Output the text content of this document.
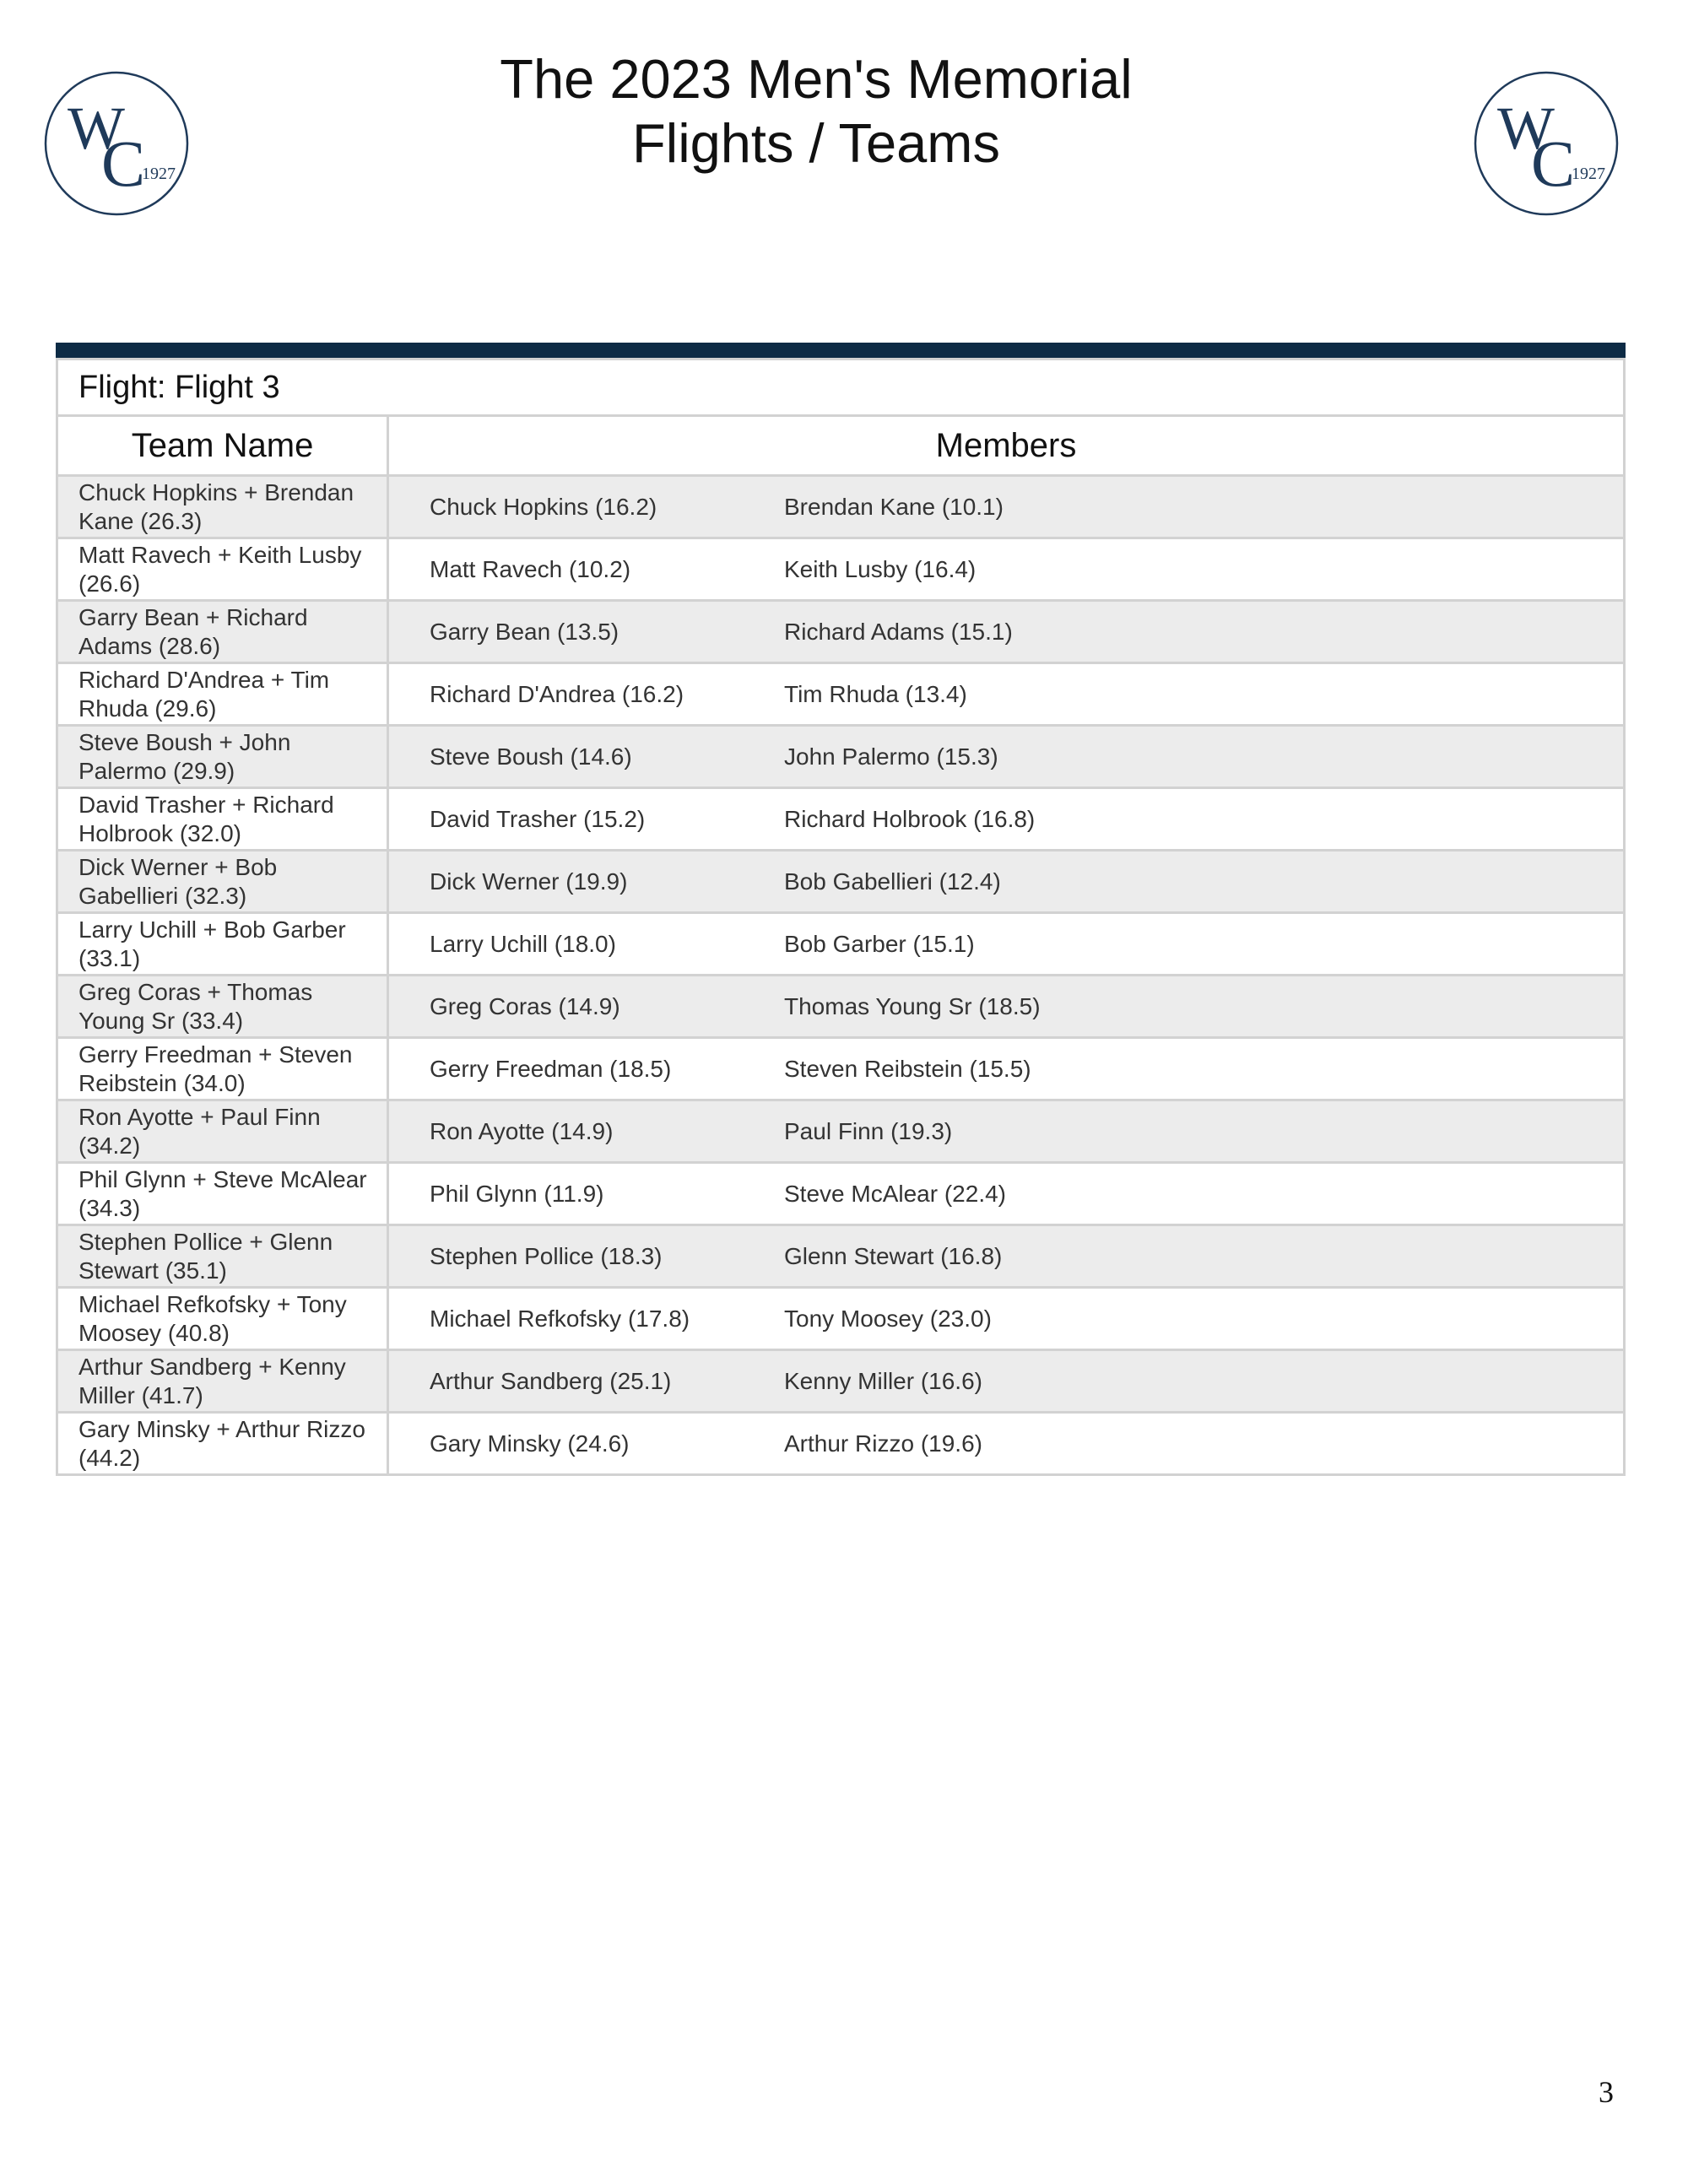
W
C
1927
W
C
1927
The 2023 Men's Memorial
Flights / Teams
Flight: Flight 3	
Team Name	Members
Chuck Hopkins + Brendan Kane (26.3)	Chuck Hopkins (16.2) Brendan Kane (10.1)

Matt Ravech + Keith Lusby (26.6)	Matt Ravech (10.2) Keith Lusby (16.4)

Garry Bean + Richard Adams (28.6)	Garry Bean (13.5) Richard Adams (15.1)

Richard D'Andrea + Tim Rhuda (29.6)	Richard D'Andrea (16.2) Tim Rhuda (13.4)

Steve Boush + John Palermo (29.9)	Steve Boush (14.6) John Palermo (15.3)

David Trasher + Richard Holbrook (32.0)	David Trasher (15.2) Richard Holbrook (16.8)

Dick Werner + Bob Gabellieri (32.3)	Dick Werner (19.9) Bob Gabellieri (12.4)

Larry Uchill + Bob Garber (33.1)	Larry Uchill (18.0) Bob Garber (15.1)

Greg Coras + Thomas Young Sr (33.4)	Greg Coras (14.9) Thomas Young Sr (18.5)

Gerry Freedman + Steven Reibstein (34.0)	Gerry Freedman (18.5) Steven Reibstein (15.5)

Ron Ayotte + Paul Finn (34.2)	Ron Ayotte (14.9) Paul Finn (19.3)

Phil Glynn + Steve McAlear (34.3)	Phil Glynn (11.9) Steve McAlear (22.4)

Stephen Pollice + Glenn Stewart (35.1)	Stephen Pollice (18.3) Glenn Stewart (16.8)

Michael Refkofsky + Tony Moosey (40.8)	Michael Refkofsky (17.8) Tony Moosey (23.0)

Arthur Sandberg + Kenny Miller (41.7)	Arthur Sandberg (25.1) Kenny Miller (16.6)

Gary Minsky + Arthur Rizzo (44.2)	Gary Minsky (24.6) Arthur Rizzo (19.6)
3
